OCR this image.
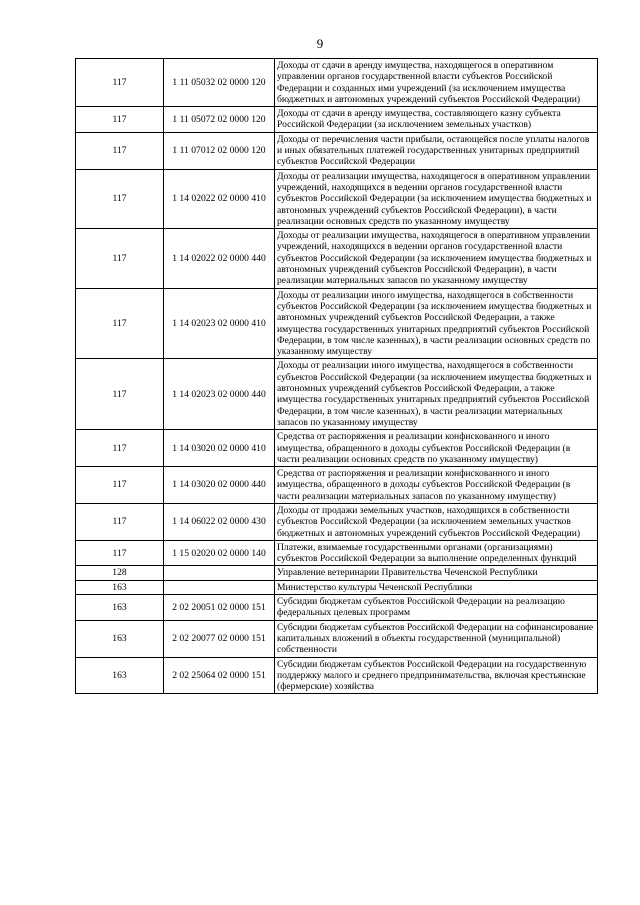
9
117	1 11 05032 02 0000 120	Доходы от сдачи в аренду имущества, находящегося в оперативном управлении органов государственной власти субъектов Российской Федерации и созданных ими учреждений (за исключением имущества бюджетных и автономных учреждений субъектов Российской Федерации)
117	1 11 05072 02 0000 120	Доходы от сдачи в аренду имущества, составляющего казну субъекта Российской Федерации (за исключением земельных участков)
117	1 11 07012 02 0000 120	Доходы от перечисления части прибыли, остающейся после уплаты налогов и иных обязательных платежей государственных унитарных предприятий субъектов Российской Федерации
117	1 14 02022 02 0000 410	Доходы от реализации имущества, находящегося в оперативном управлении учреждений, находящихся в ведении органов государственной власти субъектов Российской Федерации (за исключением имущества бюджетных и автономных учреждений субъектов Российской Федерации), в части реализации основных средств по указанному имуществу
117	1 14 02022 02 0000 440	Доходы от реализации имущества, находящегося в оперативном управлении учреждений, находящихся в ведении органов государственной власти субъектов Российской Федерации (за исключением имущества бюджетных и автономных учреждений субъектов Российской Федерации), в части реализации материальных запасов по указанному имуществу
117	1 14 02023 02 0000 410	Доходы от реализации иного имущества, находящегося в собственности субъектов Российской Федерации (за исключением имущества бюджетных и автономных учреждений субъектов Российской Федерации, а также имущества государственных унитарных предприятий субъектов Российской Федерации, в том числе казенных), в части реализации основных средств по указанному имуществу
117	1 14 02023 02 0000 440	Доходы от реализации иного имущества, находящегося в собственности субъектов Российской Федерации (за исключением имущества бюджетных и автономных учреждений субъектов Российской Федерации, а также имущества государственных унитарных предприятий субъектов Российской Федерации, в том числе казенных), в части реализации материальных запасов по указанному имуществу
117	1 14 03020 02 0000 410	Средства от распоряжения и реализации конфискованного и иного имущества, обращенного в доходы субъектов Российской Федерации (в части реализации основных средств по указанному имуществу)
117	1 14 03020 02 0000 440	Средства от распоряжения и реализации конфискованного и иного имущества, обращенного в доходы субъектов Российской Федерации (в части реализации материальных запасов по указанному имуществу)
117	1 14 06022 02 0000 430	Доходы от продажи земельных участков, находящихся в собственности субъектов Российской Федерации (за исключением земельных участков бюджетных и автономных учреждений субъектов Российской Федерации)
117	1 15 02020 02 0000 140	Платежи, взимаемые государственными органами (организациями) субъектов Российской Федерации за выполнение определенных функций
128		Управление ветеринарии Правительства Чеченской Республики
163		Министерство культуры Чеченской Республики
163	2 02 20051 02 0000 151	Субсидии бюджетам субъектов Российской Федерации на реализацию федеральных целевых программ
163	2 02 20077 02 0000 151	Субсидии бюджетам субъектов Российской Федерации на софинансирование капитальных вложений в объекты государственной (муниципальной) собственности
163	2 02 25064 02 0000 151	Субсидии бюджетам субъектов Российской Федерации на государственную поддержку малого и среднего предпринимательства, включая крестьянские (фермерские) хозяйства
